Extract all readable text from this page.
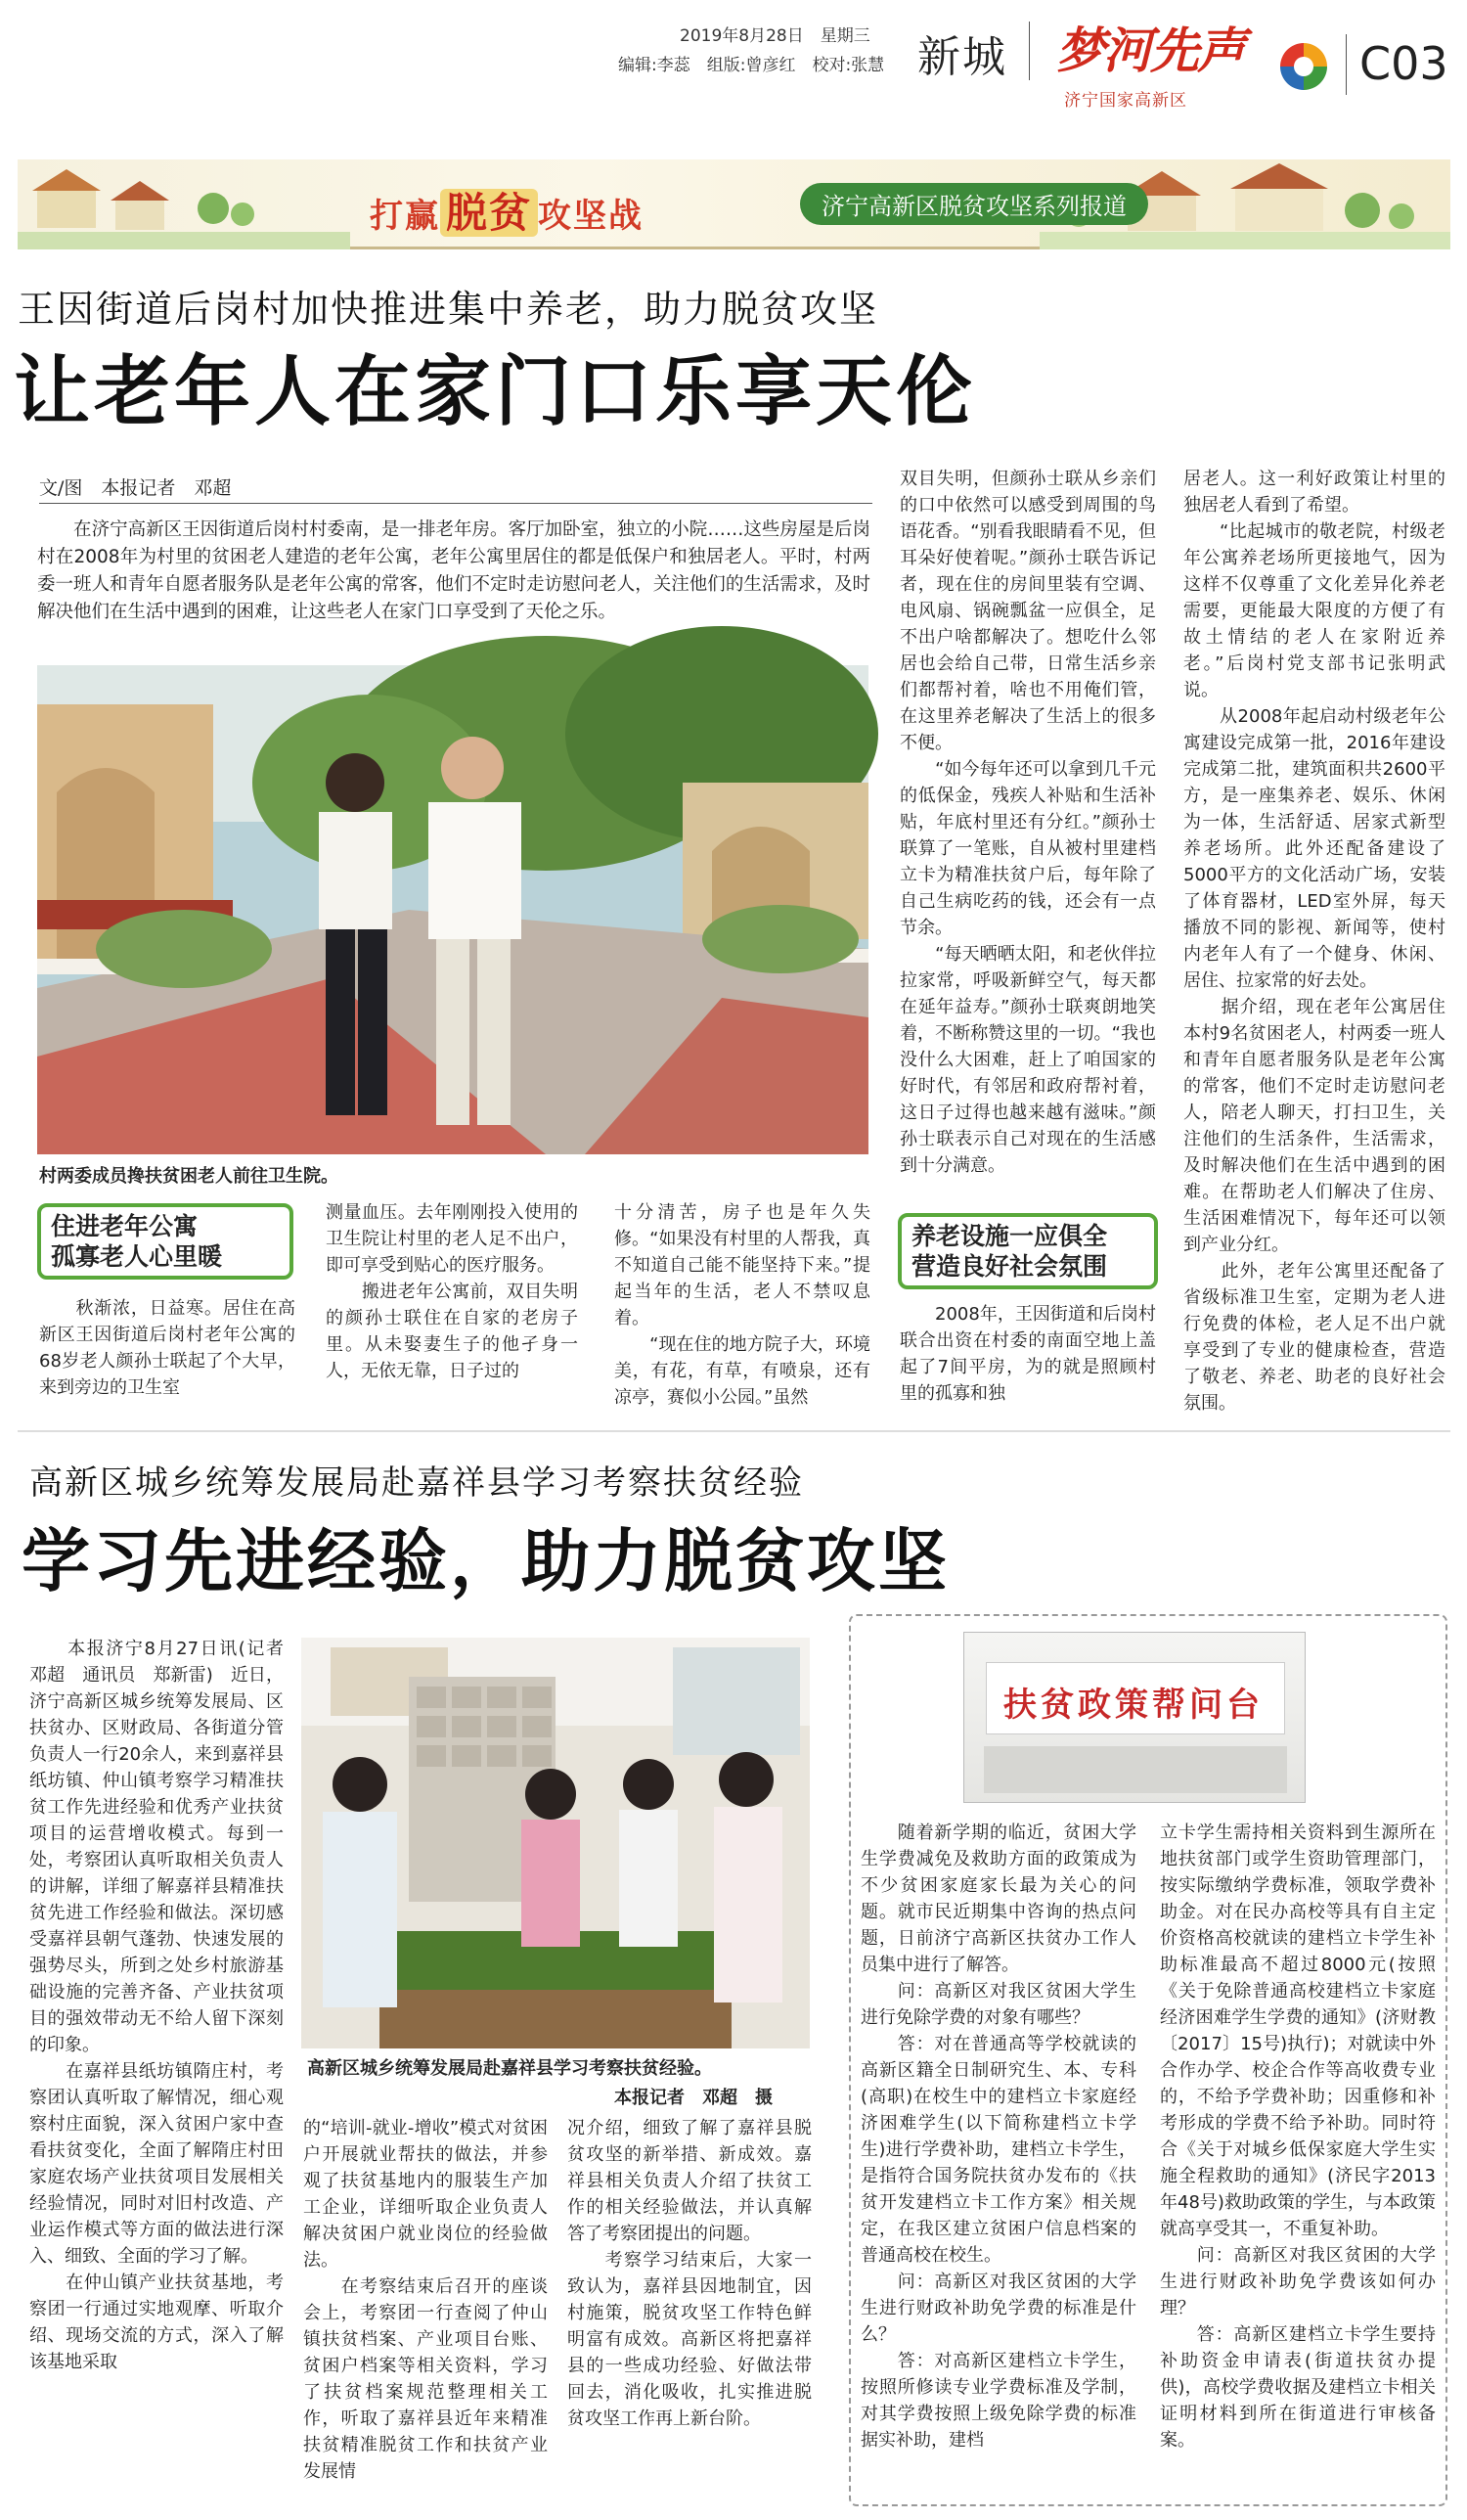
2019年8月28日　星期三
编辑:李蕊　组版:曾彦红　校对:张慧 新城 梦河先声
济宁国家高新区
C03
打赢 脱贫 攻坚战	济宁高新区脱贫攻坚系列报道
王因街道后岗村加快推进集中养老，助力脱贫攻坚
让老年人在家门口乐享天伦
文/图　本报记者　邓超
　　在济宁高新区王因街道后岗村村委南，是一排老年房。客厅加卧室，独立的小院……这些房屋是后岗村在2008年为村里的贫困老人建造的老年公寓，老年公寓里居住的都是低保户和独居老人。平时，村两委一班人和青年自愿者服务队是老年公寓的常客，他们不定时走访慰问老人，关注他们的生活需求，及时解决他们在生活中遇到的困难，让这些老人在家门口享受到了天伦之乐。
村两委成员搀扶贫困老人前往卫生院。
住进老年公寓
孤寡老人心里暖
　　秋渐浓，日益寒。居住在高新区王因街道后岗村老年公寓的68岁老人颜孙士联起了个大早，来到旁边的卫生室
测量血压。去年刚刚投入使用的卫生院让村里的老人足不出户，即可享受到贴心的医疗服务。
　　搬进老年公寓前，双目失明的颜孙士联住在自家的老房子里。从未娶妻生子的他孑身一人，无依无靠，日子过的
十分清苦，房子也是年久失修。“如果没有村里的人帮我，真不知道自己能不能坚持下来。”提起当年的生活，老人不禁叹息着。
　　“现在住的地方院子大，环境美，有花，有草，有喷泉，还有凉亭，赛似小公园。”虽然
双目失明，但颜孙士联从乡亲们的口中依然可以感受到周围的鸟语花香。“别看我眼睛看不见，但耳朵好使着呢。”颜孙士联告诉记者，现在住的房间里装有空调、电风扇、锅碗瓢盆一应俱全，足不出户啥都解决了。想吃什么邻居也会给自己带，日常生活乡亲们都帮衬着，啥也不用俺们管，在这里养老解决了生活上的很多不便。
　　“如今每年还可以拿到几千元的低保金，残疾人补贴和生活补贴，年底村里还有分红。”颜孙士联算了一笔账，自从被村里建档立卡为精准扶贫户后，每年除了自己生病吃药的钱，还会有一点节余。
　　“每天晒晒太阳，和老伙伴拉拉家常，呼吸新鲜空气，每天都在延年益寿。”颜孙士联爽朗地笑着，不断称赞这里的一切。“我也没什么大困难，赶上了咱国家的好时代，有邻居和政府帮衬着，这日子过得也越来越有滋味。”颜孙士联表示自己对现在的生活感到十分满意。
养老设施一应俱全
营造良好社会氛围
　　2008年，王因街道和后岗村联合出资在村委的南面空地上盖起了7间平房，为的就是照顾村里的孤寡和独
居老人。这一利好政策让村里的独居老人看到了希望。
　　“比起城市的敬老院，村级老年公寓养老场所更接地气，因为这样不仅尊重了文化差异化养老需要，更能最大限度的方便了有故土情结的老人在家附近养老。”后岗村党支部书记张明武说。
　　从2008年起启动村级老年公寓建设完成第一批，2016年建设完成第二批，建筑面积共2600平方，是一座集养老、娱乐、休闲为一体，生活舒适、居家式新型养老场所。此外还配备建设了5000平方的文化活动广场，安装了体育器材，LED室外屏，每天播放不同的影视、新闻等，使村内老年人有了一个健身、休闲、居住、拉家常的好去处。
　　据介绍，现在老年公寓居住本村9名贫困老人，村两委一班人和青年自愿者服务队是老年公寓的常客，他们不定时走访慰问老人，陪老人聊天，打扫卫生，关注他们的生活条件，生活需求，及时解决他们在生活中遇到的困难。在帮助老人们解决了住房、生活困难情况下，每年还可以领到产业分红。
　　此外，老年公寓里还配备了省级标准卫生室，定期为老人进行免费的体检，老人足不出户就享受到了专业的健康检查，营造了敬老、养老、助老的良好社会氛围。
高新区城乡统筹发展局赴嘉祥县学习考察扶贫经验
学习先进经验，助力脱贫攻坚
　　本报济宁8月27日讯(记者　邓超　通讯员　郑新雷)　近日，济宁高新区城乡统筹发展局、区扶贫办、区财政局、各街道分管负责人一行20余人，来到嘉祥县纸坊镇、仲山镇考察学习精准扶贫工作先进经验和优秀产业扶贫项目的运营增收模式。每到一处，考察团认真听取相关负责人的讲解，详细了解嘉祥县精准扶贫先进工作经验和做法。深切感受嘉祥县朝气蓬勃、快速发展的强势尽头，所到之处乡村旅游基础设施的完善齐备、产业扶贫项目的强效带动无不给人留下深刻的印象。
　　在嘉祥县纸坊镇隋庄村，考察团认真听取了解情况，细心观察村庄面貌，深入贫困户家中查看扶贫变化，全面了解隋庄村田家庭农场产业扶贫项目发展相关经验情况，同时对旧村改造、产业运作模式等方面的做法进行深入、细致、全面的学习了解。
　　在仲山镇产业扶贫基地，考察团一行通过实地观摩、听取介绍、现场交流的方式，深入了解该基地采取
高新区城乡统筹发展局赴嘉祥县学习考察扶贫经验。
本报记者　邓超　摄
的“培训-就业-增收”模式对贫困户开展就业帮扶的做法，并参观了扶贫基地内的服装生产加工企业，详细听取企业负责人解决贫困户就业岗位的经验做法。
　　在考察结束后召开的座谈会上，考察团一行查阅了仲山镇扶贫档案、产业项目台账、贫困户档案等相关资料，学习了扶贫档案规范整理相关工作，听取了嘉祥县近年来精准扶贫精准脱贫工作和扶贫产业发展情
况介绍，细致了解了嘉祥县脱贫攻坚的新举措、新成效。嘉祥县相关负责人介绍了扶贫工作的相关经验做法，并认真解答了考察团提出的问题。
　　考察学习结束后，大家一致认为，嘉祥县因地制宜，因村施策，脱贫攻坚工作特色鲜明富有成效。高新区将把嘉祥县的一些成功经验、好做法带回去，消化吸收，扎实推进脱贫攻坚工作再上新台阶。
扶贫政策帮问台
　　随着新学期的临近，贫困大学生学费减免及救助方面的政策成为不少贫困家庭家长最为关心的问题。就市民近期集中咨询的热点问题，日前济宁高新区扶贫办工作人员集中进行了解答。
　　问：高新区对我区贫困大学生进行免除学费的对象有哪些？
　　答：对在普通高等学校就读的高新区籍全日制研究生、本、专科(高职)在校生中的建档立卡家庭经济困难学生(以下简称建档立卡学生)进行学费补助，建档立卡学生，是指符合国务院扶贫办发布的《扶贫开发建档立卡工作方案》相关规定，在我区建立贫困户信息档案的普通高校在校生。
　　问：高新区对我区贫困的大学生进行财政补助免学费的标准是什么？
　　答：对高新区建档立卡学生，按照所修读专业学费标准及学制，对其学费按照上级免除学费的标准据实补助，建档
立卡学生需持相关资料到生源所在地扶贫部门或学生资助管理部门，按实际缴纳学费标准，领取学费补助金。对在民办高校等具有自主定价资格高校就读的建档立卡学生补助标准最高不超过8000元(按照《关于免除普通高校建档立卡家庭经济困难学生学费的通知》(济财教〔2017〕15号)执行)；对就读中外合作办学、校企合作等高收费专业的，不给予学费补助；因重修和补考形成的学费不给予补助。同时符合《关于对城乡低保家庭大学生实施全程救助的通知》(济民字2013年48号)救助政策的学生，与本政策就高享受其一，不重复补助。
　　问：高新区对我区贫困的大学生进行财政补助免学费该如何办理？
　　答：高新区建档立卡学生要持补助资金申请表(街道扶贫办提供)，高校学费收据及建档立卡相关证明材料到所在街道进行审核备案。
